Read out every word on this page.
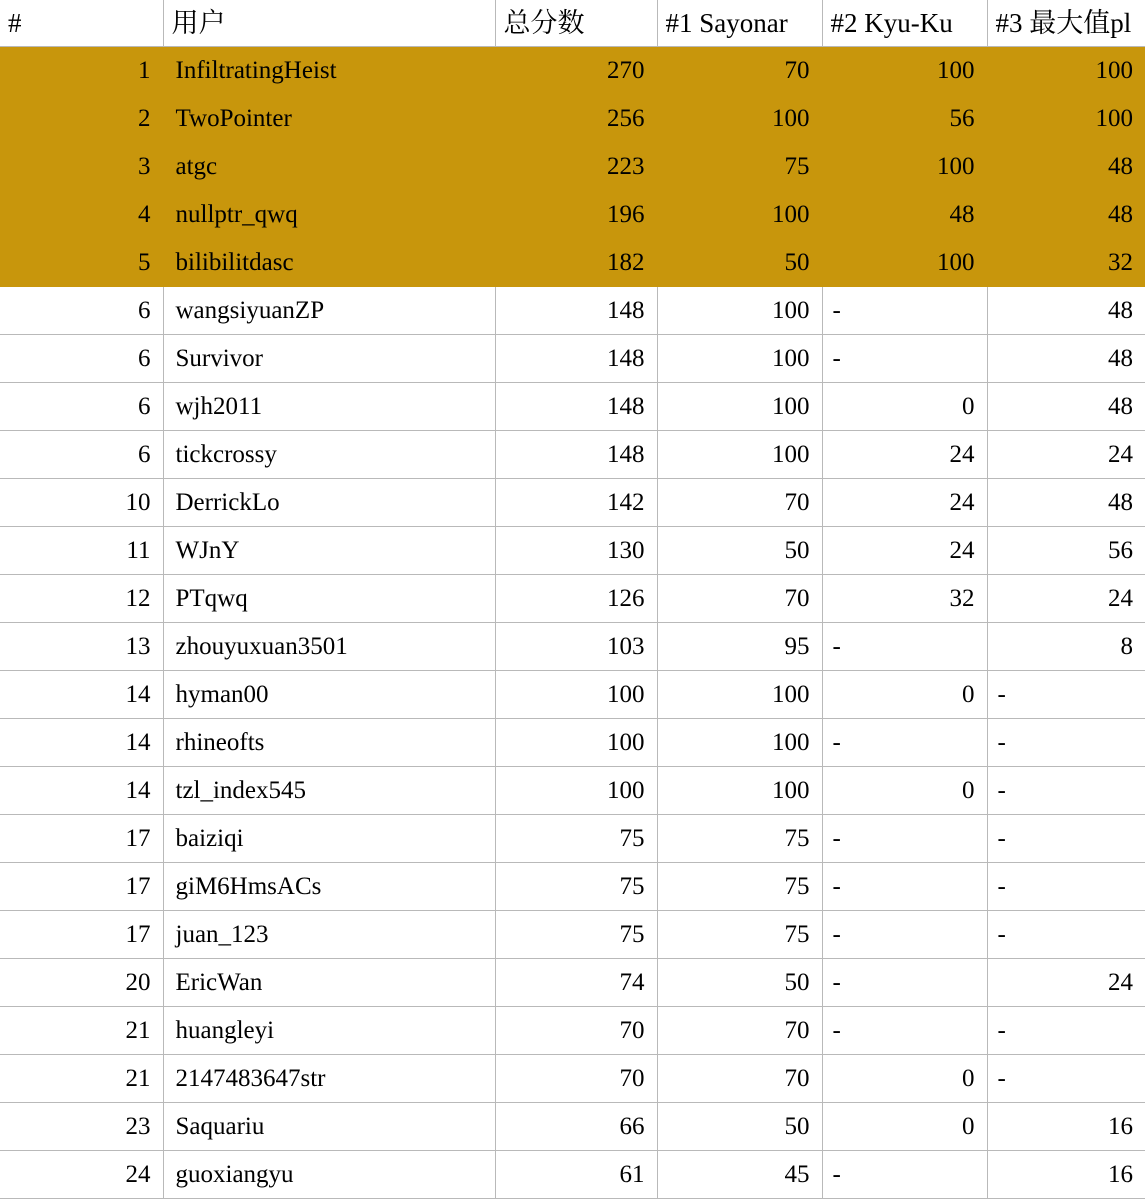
#	用户	总分数	#1 Sayonar	#2 Kyu-Ku	#3 最大值pl
1	InfiltratingHeist	270	70	100	100
2	TwoPointer	256	100	56	100
3	atgc	223	75	100	48
4	nullptr_qwq	196	100	48	48
5	bilibilitdasc	182	50	100	32
6	wangsiyuanZP	148	100	-	48
6	Survivor	148	100	-	48
6	wjh2011	148	100	0	48
6	tickcrossy	148	100	24	24
10	DerrickLo	142	70	24	48
11	WJnY	130	50	24	56
12	PTqwq	126	70	32	24
13	zhouyuxuan3501	103	95	-	8
14	hyman00	100	100	0	-
14	rhineofts	100	100	-	-
14	tzl_index545	100	100	0	-
17	baiziqi	75	75	-	-
17	giM6HmsACs	75	75	-	-
17	juan_123	75	75	-	-
20	EricWan	74	50	-	24
21	huangleyi	70	70	-	-
21	2147483647str	70	70	0	-
23	Saquariu	66	50	0	16
24	guoxiangyu	61	45	-	16
